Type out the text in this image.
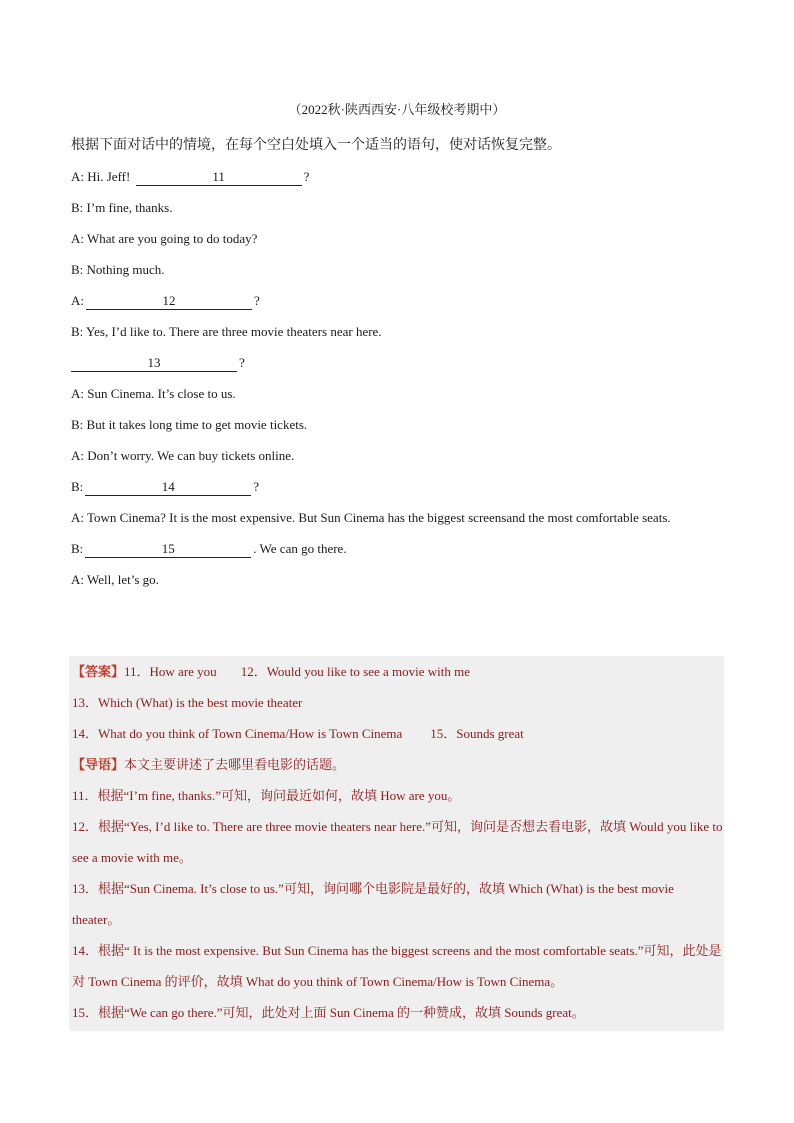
（2022秋·陕西西安·八年级校考期中）
根据下面对话中的情境，在每个空白处填入一个适当的语句，使对话恢复完整。
A: Hi. Jeff!	11	?
B: I’m fine, thanks.
A: What are you going to do today?
B: Nothing much.
A:	12	?
B: Yes, I’d like to. There are three movie theaters near here.
13	?
A: Sun Cinema. It’s close to us.
B: But it takes long time to get movie tickets.
A: Don’t worry. We can buy tickets online.
B:	14	?
A: Town Cinema? It is the most expensive. But Sun Cinema has the biggest screensand the most comfortable seats.
B:	15	. We can go there.
A: Well, let’s go.
【答案】11．How are you 12．Would you like to see a movie with me
13．Which (What) is the best movie theater
14．What do you think of Town Cinema/How is Town Cinema 15．Sounds great
【导语】本文主要讲述了去哪里看电影的话题。
11．根据“I’m fine, thanks.”可知，询问最近如何，故填 How are you。
12．根据“Yes, I’d like to. There are three movie theaters near here.”可知，询问是否想去看电影，故填 Would you like to see a movie with me。
13．根据“Sun Cinema. It’s close to us.”可知，询问哪个电影院是最好的，故填 Which (What) is the best movie theater。
14．根据“ It is the most expensive. But Sun Cinema has the biggest screens and the most comfortable seats.”可知，此处是对 Town Cinema 的评价，故填 What do you think of Town Cinema/How is Town Cinema。
15．根据“We can go there.”可知，此处对上面 Sun Cinema 的一种赞成，故填 Sounds great。
